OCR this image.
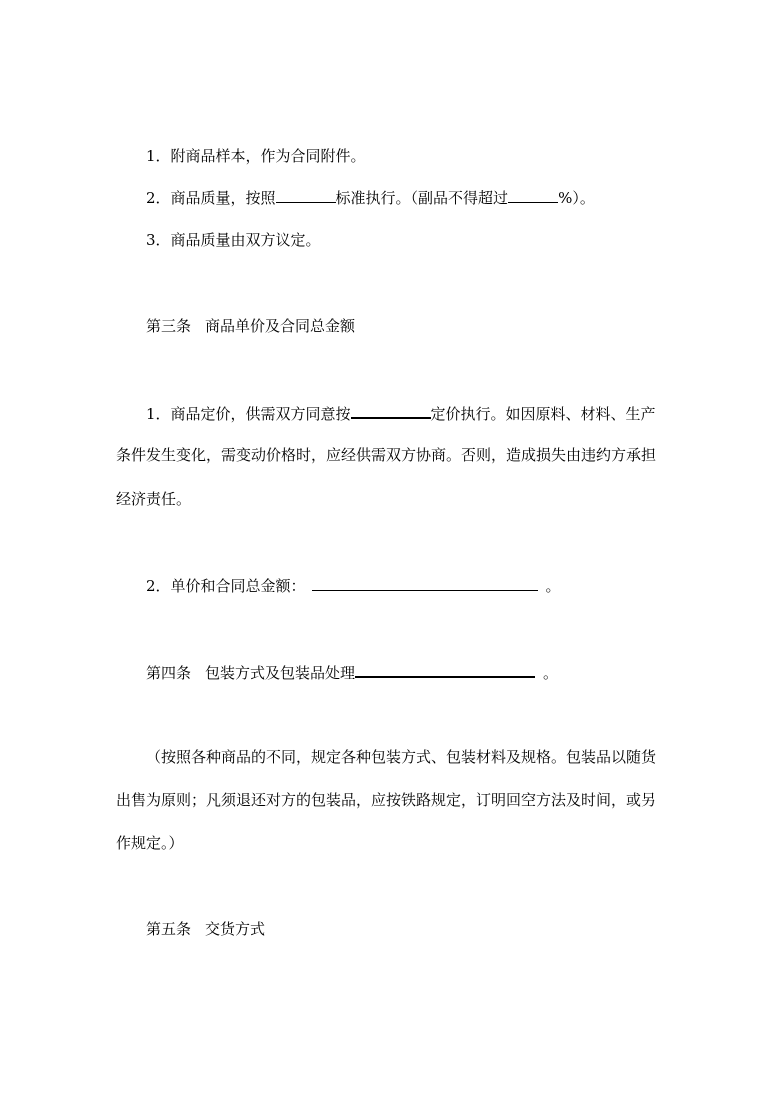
1．附商品样本，作为合同附件。
2．商品质量，按照	标准执行。（副品不得超过	%）。
3．商品质量由双方议定。
第三条 商品单价及合同总金额
1．商品定价，供需双方同意按	定价执行。如因原料、材料、生产
条件发生变化，需变动价格时，应经供需双方协商。否则，造成损失由违约方承担
经济责任。
2．单价和合同总金额：	。
第四条 包装方式及包装品处理	。
（按照各种商品的不同，规定各种包装方式、包装材料及规格。包装品以随货
出售为原则；凡须退还对方的包装品，应按铁路规定，订明回空方法及时间，或另
作规定。）
第五条 交货方式
